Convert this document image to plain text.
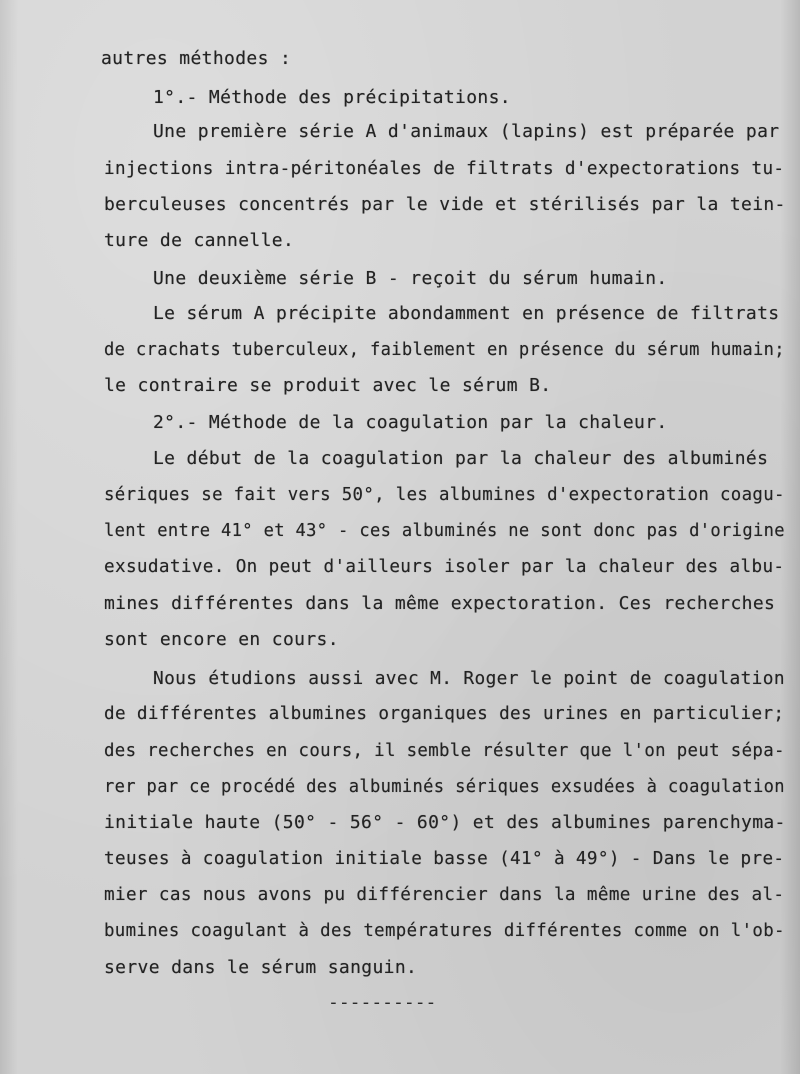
autres méthodes :
1°.- Méthode des précipitations.
Une première série A d'animaux (lapins) est préparée par
injections intra-péritonéales de filtrats d'expectorations tu-
berculeuses concentrés par le vide et stérilisés par la tein-
ture de cannelle.
Une deuxième série B - reçoit du sérum humain.
Le sérum A précipite abondamment en présence de filtrats
de crachats tuberculeux, faiblement en présence du sérum humain;
le contraire se produit avec le sérum B.
2°.- Méthode de la coagulation par la chaleur.
Le début de la coagulation par la chaleur des albuminés
sériques se fait vers 50°, les albumines d'expectoration coagu-
lent entre 41° et 43° - ces albuminés ne sont donc pas d'origine
exsudative. On peut d'ailleurs isoler par la chaleur des albu-
mines différentes dans la même expectoration. Ces recherches
sont encore en cours.
Nous étudions aussi avec M. Roger le point de coagulation
de différentes albumines organiques des urines en particulier;
des recherches en cours, il semble résulter que l'on peut sépa-
rer par ce procédé des albuminés sériques exsudées à coagulation
initiale haute (50° - 56° - 60°) et des albumines parenchyma-
teuses à coagulation initiale basse (41° à 49°) - Dans le pre-
mier cas nous avons pu différencier dans la même urine des al-
bumines coagulant à des températures différentes comme on l'ob-
serve dans le sérum sanguin.
----------
